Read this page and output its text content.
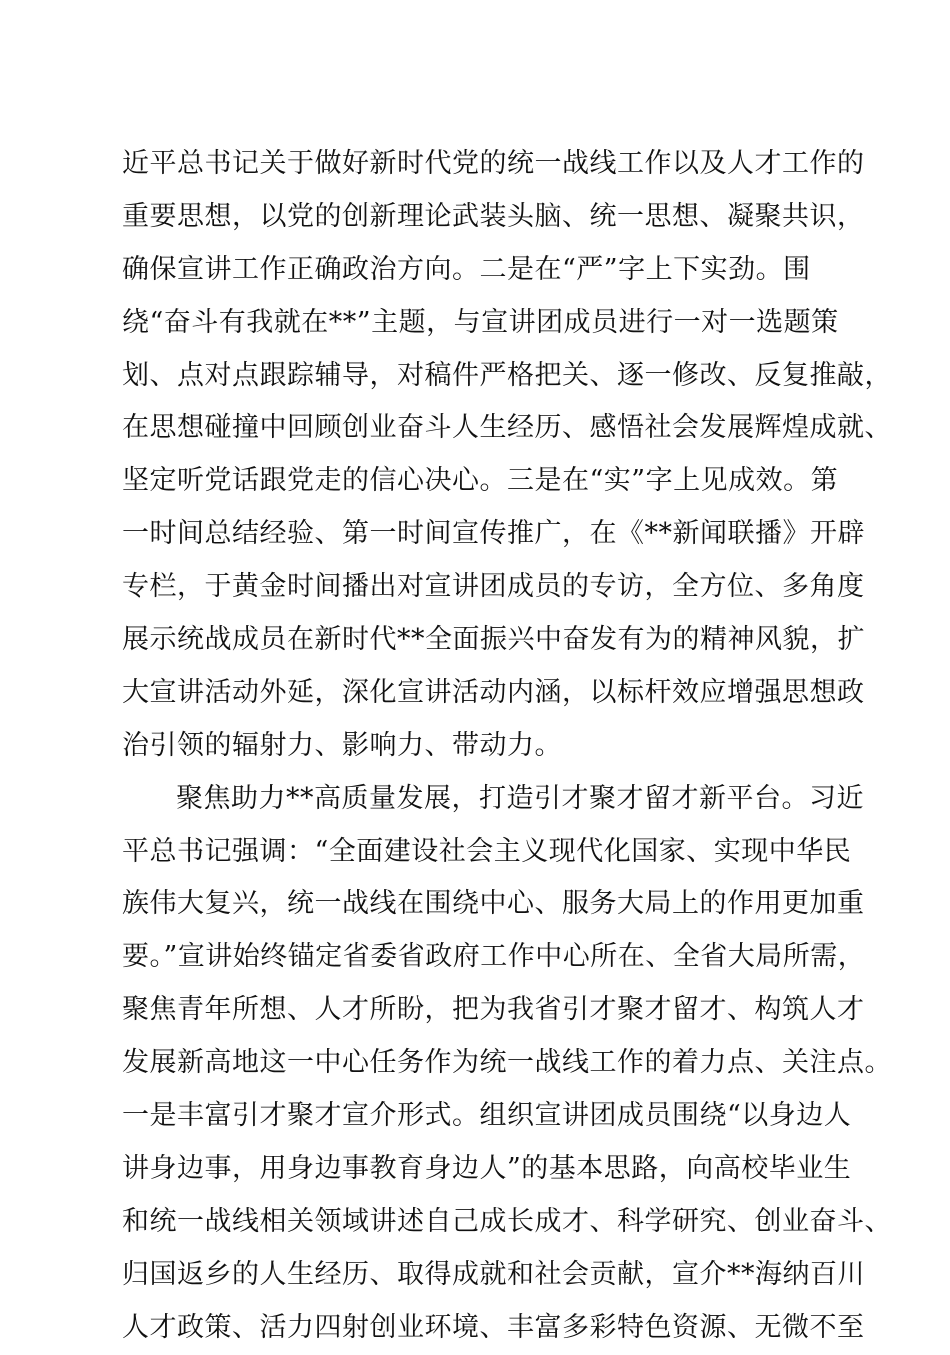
近平总书记关于做好新时代党的统一战线工作以及人才工作的
重要思想，以党的创新理论武装头脑、统一思想、凝聚共识，
确保宣讲工作正确政治方向。二是在“严”字上下实劲。围
绕“奋斗有我就在**”主题，与宣讲团成员进行一对一选题策
划、点对点跟踪辅导，对稿件严格把关、逐一修改、反复推敲，
在思想碰撞中回顾创业奋斗人生经历、感悟社会发展辉煌成就、
坚定听党话跟党走的信心决心。三是在“实”字上见成效。第
一时间总结经验、第一时间宣传推广，在《**新闻联播》开辟
专栏，于黄金时间播出对宣讲团成员的专访，全方位、多角度
展示统战成员在新时代**全面振兴中奋发有为的精神风貌，扩
大宣讲活动外延，深化宣讲活动内涵，以标杆效应增强思想政
治引领的辐射力、影响力、带动力。
聚焦助力**高质量发展，打造引才聚才留才新平台。习近
平总书记强调：“全面建设社会主义现代化国家、实现中华民
族伟大复兴，统一战线在围绕中心、服务大局上的作用更加重
要。”宣讲始终锚定省委省政府工作中心所在、全省大局所需，
聚焦青年所想、人才所盼，把为我省引才聚才留才、构筑人才
发展新高地这一中心任务作为统一战线工作的着力点、关注点。
一是丰富引才聚才宣介形式。组织宣讲团成员围绕“以身边人
讲身边事，用身边事教育身边人”的基本思路，向高校毕业生
和统一战线相关领域讲述自己成长成才、科学研究、创业奋斗、
归国返乡的人生经历、取得成就和社会贡献，宣介**海纳百川
人才政策、活力四射创业环境、丰富多彩特色资源、无微不至
